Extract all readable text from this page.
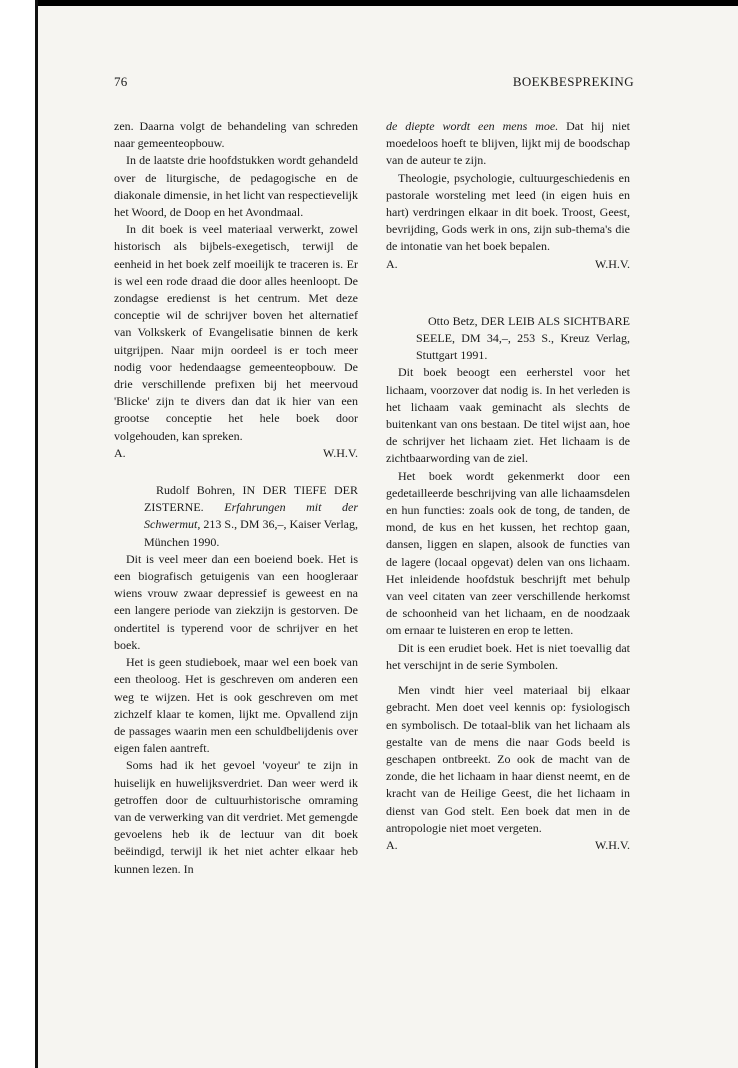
76	BOEKBESPREKING

zen. Daarna volgt de behandeling van schreden naar gemeenteopbouw.

In de laatste drie hoofdstukken wordt gehandeld over de liturgische, de pedagogische en de diakonale dimensie, in het licht van respectievelijk het Woord, de Doop en het Avondmaal.

In dit boek is veel materiaal verwerkt, zowel historisch als bijbels-exegetisch, terwijl de eenheid in het boek zelf moeilijk te traceren is. Er is wel een rode draad die door alles heenloopt. De zondagse eredienst is het centrum. Met deze conceptie wil de schrijver boven het alternatief van Volkskerk of Evangelisatie binnen de kerk uitgrijpen. Naar mijn oordeel is er toch meer nodig voor hedendaagse gemeenteopbouw. De drie verschillende prefixen bij het meervoud 'Blicke' zijn te divers dan dat ik hier van een grootse conceptie het hele boek door volgehouden, kan spreken.

A.	W.H.V.

Rudolf Bohren, IN DER TIEFE DER ZISTERNE. Erfahrungen mit der Schwermut, 213 S., DM 36,–, Kaiser Verlag, München 1990.

Dit is veel meer dan een boeiend boek. Het is een biografisch getuigenis van een hoogleraar wiens vrouw zwaar depressief is geweest en na een langere periode van ziekzijn is gestorven. De ondertitel is typerend voor de schrijver en het boek.

Het is geen studieboek, maar wel een boek van een theoloog. Het is geschreven om anderen een weg te wijzen. Het is ook geschreven om met zichzelf klaar te komen, lijkt me. Opvallend zijn de passages waarin men een schuldbelijdenis over eigen falen aantreft.

Soms had ik het gevoel 'voyeur' te zijn in huiselijk en huwelijksverdriet. Dan weer werd ik getroffen door de cultuurhistorische omraming van de verwerking van dit verdriet. Met gemengde gevoelens heb ik de lectuur van dit boek beëindigd, terwijl ik het niet achter elkaar heb kunnen lezen. In

de diepte wordt een mens moe. Dat hij niet moedeloos hoeft te blijven, lijkt mij de boodschap van de auteur te zijn.

Theologie, psychologie, cultuurgeschiedenis en pastorale worsteling met leed (in eigen huis en hart) verdringen elkaar in dit boek. Troost, Geest, bevrijding, Gods werk in ons, zijn sub-thema's die de intonatie van het boek bepalen.

A.	W.H.V.

Otto Betz, DER LEIB ALS SICHTBARE SEELE, DM 34,–, 253 S., Kreuz Verlag, Stuttgart 1991.

Dit boek beoogt een eerherstel voor het lichaam, voorzover dat nodig is. In het verleden is het lichaam vaak geminacht als slechts de buitenkant van ons bestaan. De titel wijst aan, hoe de schrijver het lichaam ziet. Het lichaam is de zichtbaarwording van de ziel.

Het boek wordt gekenmerkt door een gedetailleerde beschrijving van alle lichaamsdelen en hun functies: zoals ook de tong, de tanden, de mond, de kus en het kussen, het rechtop gaan, dansen, liggen en slapen, alsook de functies van de lagere (locaal opgevat) delen van ons lichaam. Het inleidende hoofdstuk beschrijft met behulp van veel citaten van zeer verschillende herkomst de schoonheid van het lichaam, en de noodzaak om ernaar te luisteren en erop te letten.

Dit is een erudiet boek. Het is niet toevallig dat het verschijnt in de serie Symbolen.

Men vindt hier veel materiaal bij elkaar gebracht. Men doet veel kennis op: fysiologisch en symbolisch. De totaal-blik van het lichaam als gestalte van de mens die naar Gods beeld is geschapen ontbreekt. Zo ook de macht van de zonde, die het lichaam in haar dienst neemt, en de kracht van de Heilige Geest, die het lichaam in dienst van God stelt. Een boek dat men in de antropologie niet moet vergeten.

A.	W.H.V.
